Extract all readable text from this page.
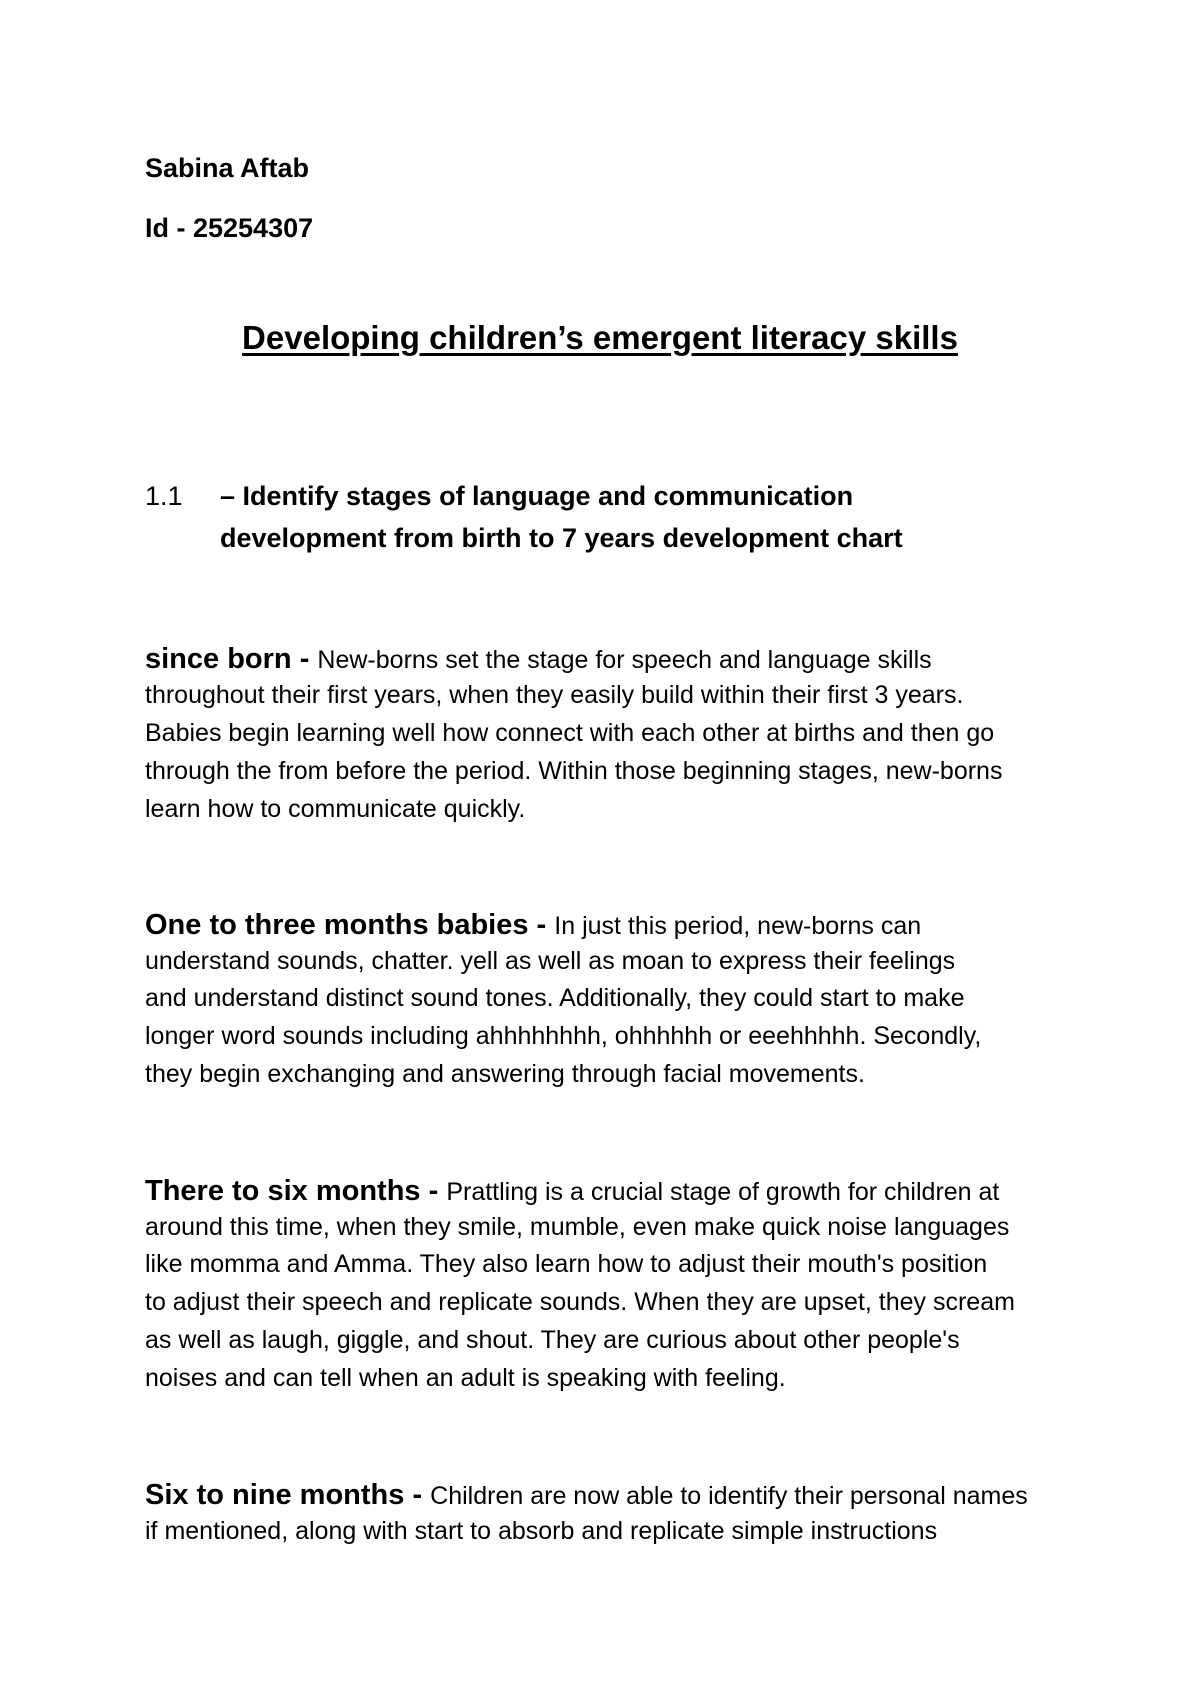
Sabina Aftab
Id - 25254307
Developing children’s emergent literacy skills
1.1 – Identify stages of language and communication
development from birth to 7 years development chart
since born - New-borns set the stage for speech and language skills
throughout their first years, when they easily build within their first 3 years.
Babies begin learning well how connect with each other at births and then go
through the from before the period. Within those beginning stages, new-borns
learn how to communicate quickly.
One to three months babies - In just this period, new-borns can
understand sounds, chatter. yell as well as moan to express their feelings
and understand distinct sound tones. Additionally, they could start to make
longer word sounds including ahhhhhhhh, ohhhhhh or eeehhhhh. Secondly,
they begin exchanging and answering through facial movements.
There to six months - Prattling is a crucial stage of growth for children at
around this time, when they smile, mumble, even make quick noise languages
like momma and Amma. They also learn how to adjust their mouth's position
to adjust their speech and replicate sounds. When they are upset, they scream
as well as laugh, giggle, and shout. They are curious about other people's
noises and can tell when an adult is speaking with feeling.
Six to nine months - Children are now able to identify their personal names
if mentioned, along with start to absorb and replicate simple instructions
